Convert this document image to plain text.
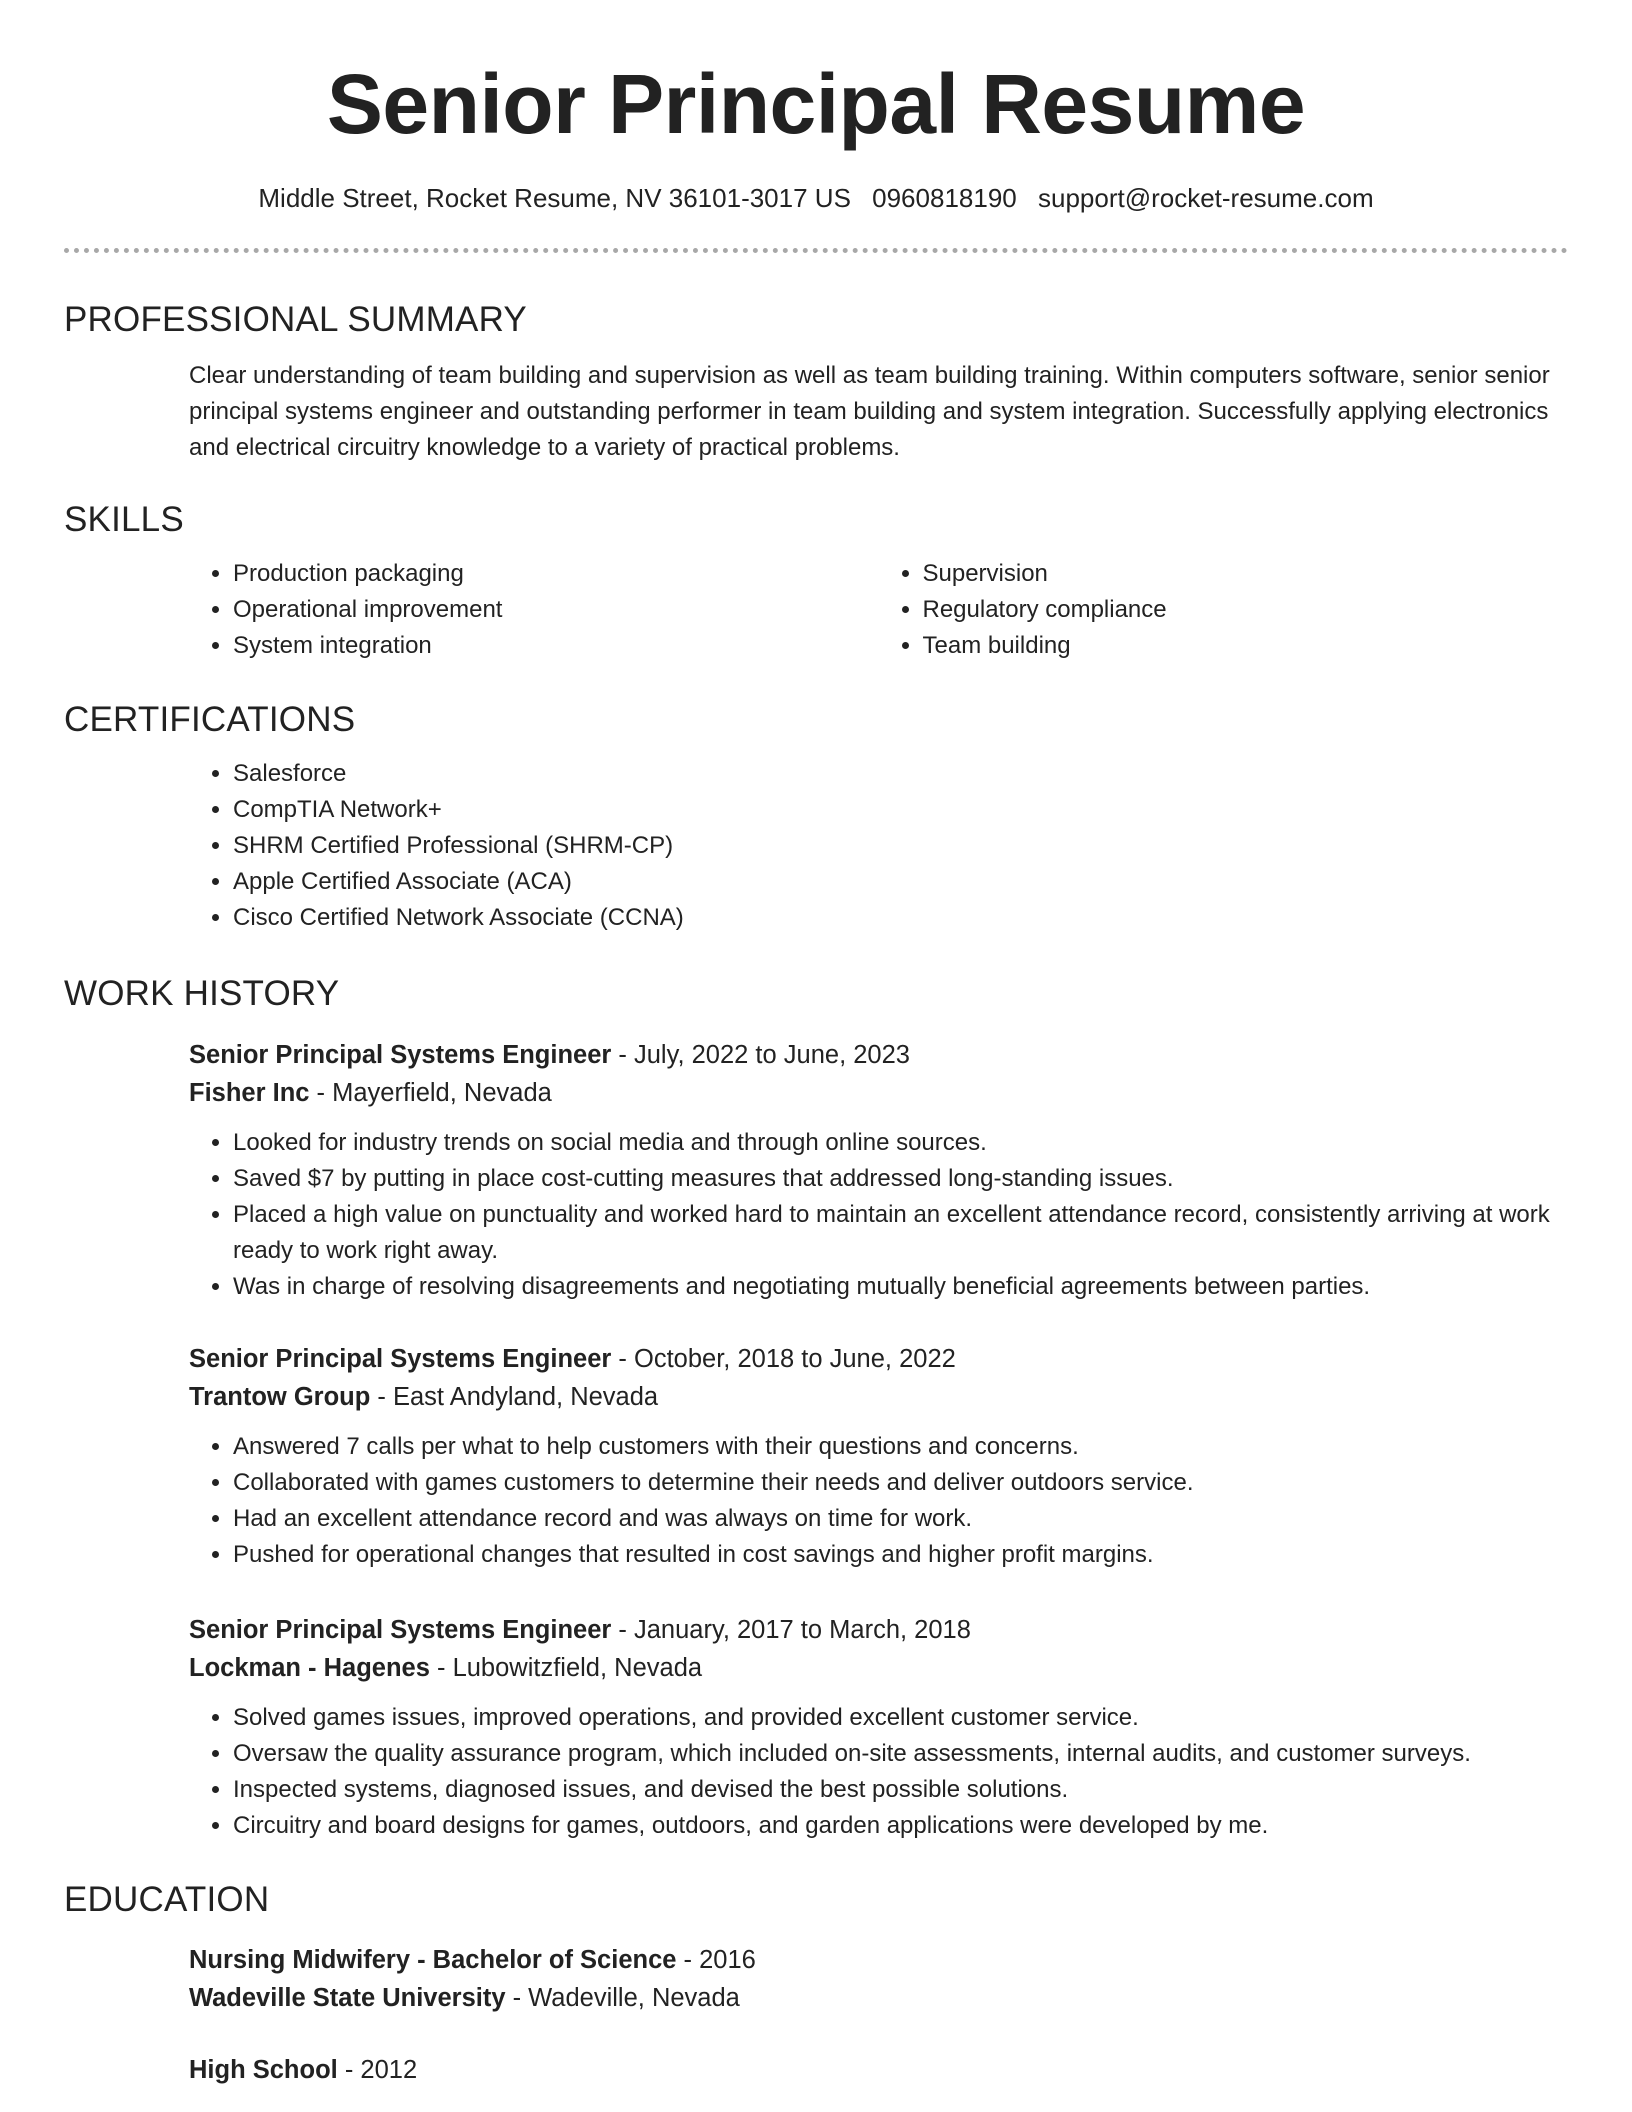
Senior Principal Resume
Middle Street, Rocket Resume, NV 36101-3017 US 0960818190 support@rocket-resume.com
PROFESSIONAL SUMMARY
Clear understanding of team building and supervision as well as team building training. Within computers software, senior senior principal systems engineer and outstanding performer in team building and system integration. Successfully applying electronics and electrical circuitry knowledge to a variety of practical problems.
SKILLS
• Production packaging
• Operational improvement
• System integration
• Supervision
• Regulatory compliance
• Team building
CERTIFICATIONS
• Salesforce
• CompTIA Network+
• SHRM Certified Professional (SHRM-CP)
• Apple Certified Associate (ACA)
• Cisco Certified Network Associate (CCNA)
WORK HISTORY
Senior Principal Systems Engineer - July, 2022 to June, 2023
Fisher Inc - Mayerfield, Nevada
• Looked for industry trends on social media and through online sources.
• Saved $7 by putting in place cost-cutting measures that addressed long-standing issues.
• Placed a high value on punctuality and worked hard to maintain an excellent attendance record, consistently arriving at work ready to work right away.
• Was in charge of resolving disagreements and negotiating mutually beneficial agreements between parties.
Senior Principal Systems Engineer - October, 2018 to June, 2022
Trantow Group - East Andyland, Nevada
• Answered 7 calls per what to help customers with their questions and concerns.
• Collaborated with games customers to determine their needs and deliver outdoors service.
• Had an excellent attendance record and was always on time for work.
• Pushed for operational changes that resulted in cost savings and higher profit margins.
Senior Principal Systems Engineer - January, 2017 to March, 2018
Lockman - Hagenes - Lubowitzfield, Nevada
• Solved games issues, improved operations, and provided excellent customer service.
• Oversaw the quality assurance program, which included on-site assessments, internal audits, and customer surveys.
• Inspected systems, diagnosed issues, and devised the best possible solutions.
• Circuitry and board designs for games, outdoors, and garden applications were developed by me.
EDUCATION
Nursing Midwifery - Bachelor of Science - 2016
Wadeville State University - Wadeville, Nevada
High School - 2012
